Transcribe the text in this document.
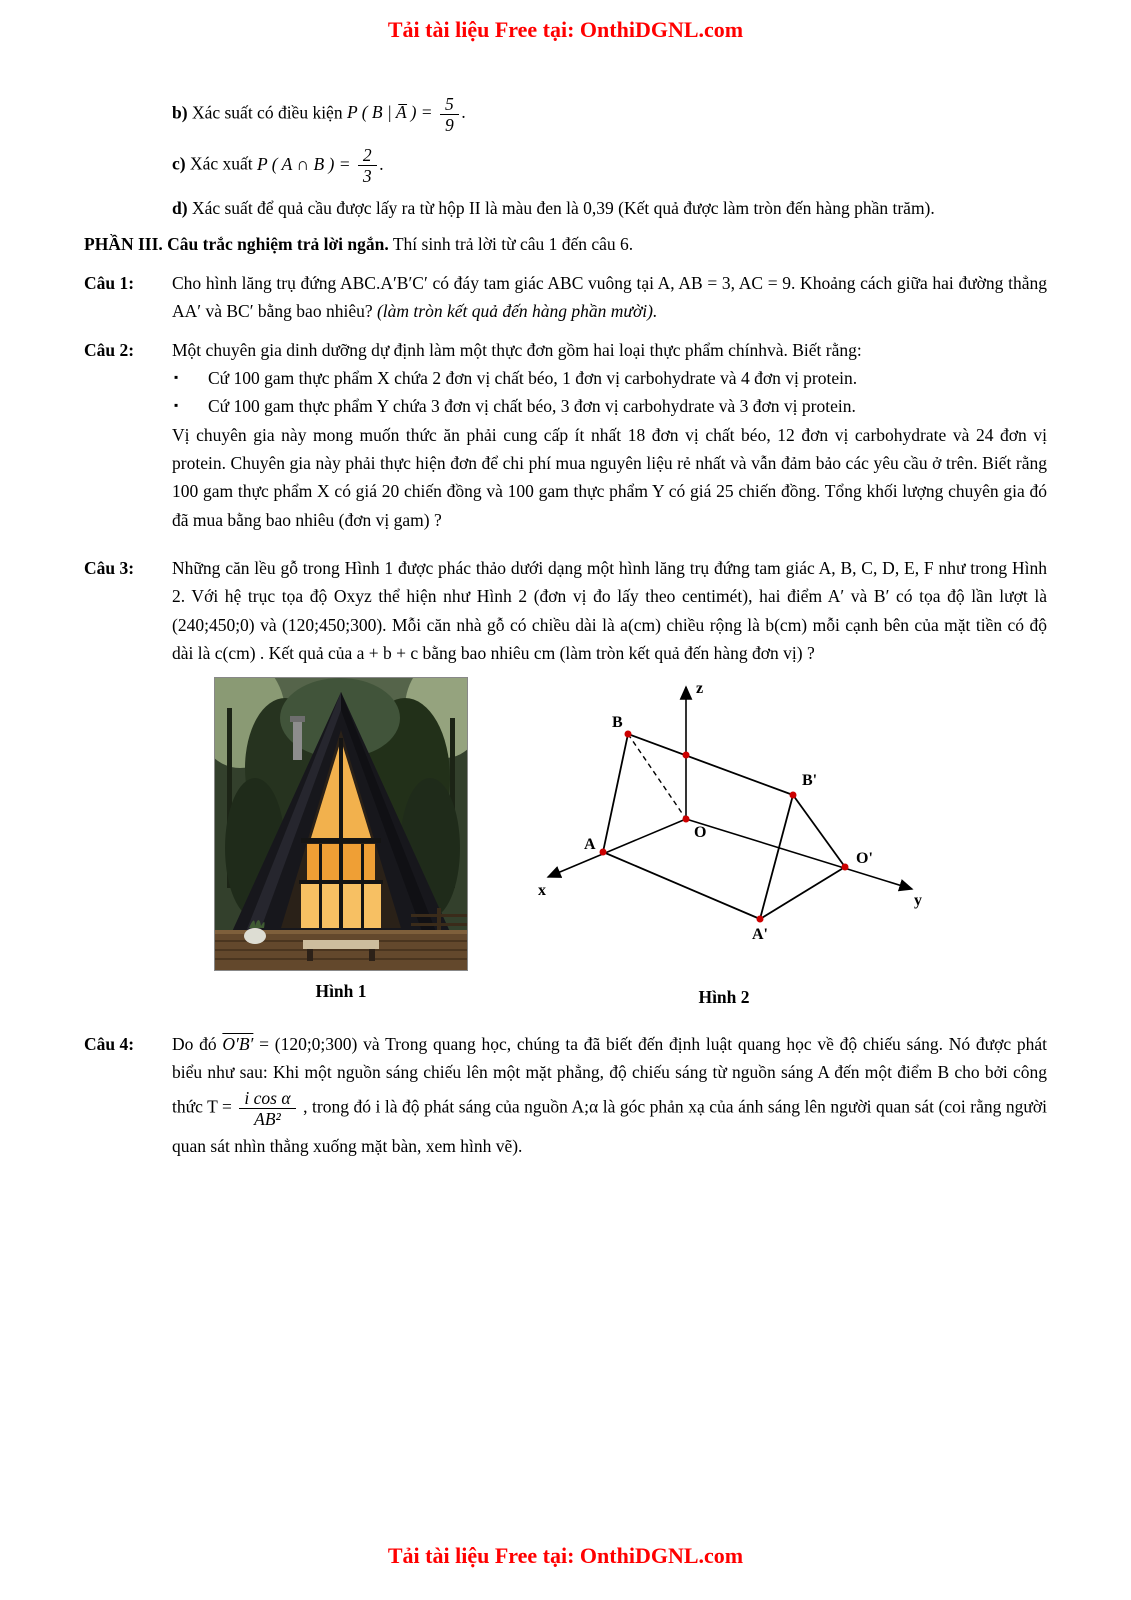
Tải tài liệu Free tại: OnthiDGNL.com
b) Xác suất có điều kiện P ( B | A̅ ) = $\frac{5}{9}$ .
c) Xác xuất P ( A ∩ B ) = $\frac{2}{3}$ .
d) Xác suất để quả cầu được lấy ra từ hộp II là màu đen là 0,39 (Kết quả được làm tròn đến hàng phần trăm).
PHẦN III. Câu trắc nghiệm trả lời ngắn. Thí sinh trả lời từ câu 1 đến câu 6.
Câu 1:	Cho hình lăng trụ đứng ABC.A′B′C′ có đáy tam giác ABC vuông tại A, AB = 3, AC = 9. Khoảng cách giữa hai đường thẳng AA′ và BC′ bằng bao nhiêu? (làm tròn kết quả đến hàng phần mười).
Câu 2:	Một chuyên gia dinh dưỡng dự định làm một thực đơn gồm hai loại thực phẩm chínhvà. Biết rằng:
▪	Cứ 100 gam thực phẩm X chứa 2 đơn vị chất béo, 1 đơn vị carbohydrate và 4 đơn vị protein.
▪	Cứ 100 gam thực phẩm Y chứa 3 đơn vị chất béo, 3 đơn vị carbohydrate và 3 đơn vị protein.
Vị chuyên gia này mong muốn thức ăn phải cung cấp ít nhất 18 đơn vị chất béo, 12 đơn vị carbohydrate và 24 đơn vị protein. Chuyên gia này phải thực hiện đơn để chi phí mua nguyên liệu rẻ nhất và vẫn đảm bảo các yêu cầu ở trên. Biết rằng 100 gam thực phẩm X có giá 20 chiến đồng và 100 gam thực phẩm Y có giá 25 chiến đồng. Tổng khối lượng chuyên gia đó đã mua bằng bao nhiêu (đơn vị gam) ?
Câu 3:	Những căn lều gỗ trong Hình 1 được phác thảo dưới dạng một hình lăng trụ đứng tam giác A, B, C, D, E, F như trong Hình 2. Với hệ trục tọa độ Oxyz thể hiện như Hình 2 (đơn vị đo lấy theo centimét), hai điểm A′ và B′ có tọa độ lần lượt là (240;450;0) và (120;450;300). Mỗi căn nhà gỗ có chiều dài là a(cm) chiều rộng là b(cm) mỗi cạnh bên của mặt tiền có độ dài là c(cm) . Kết quả của a + b + c bằng bao nhiêu cm (làm tròn kết quả đến hàng đơn vị) ?
Hình 1
z
x
y
B
B'
O
A
O'
A'
Hình 2
Câu 4:	Do đó O′B′ = (120;0;300) và Trong quang học, chúng ta đã biết đến định luật quang học về độ chiếu sáng. Nó được phát biểu như sau: Khi một nguồn sáng chiếu lên một mặt phẳng, độ chiếu sáng từ nguồn sáng A đến một điểm B cho bởi công thức $T = \frac{\text{i cos α}}{\text{AB²}}$ , trong đó i là độ phát sáng của nguồn A;α là góc phản xạ của ánh sáng lên người quan sát (coi rằng người quan sát nhìn thẳng xuống mặt bàn, xem hình vẽ).
Tải tài liệu Free tại: OnthiDGNL.com
